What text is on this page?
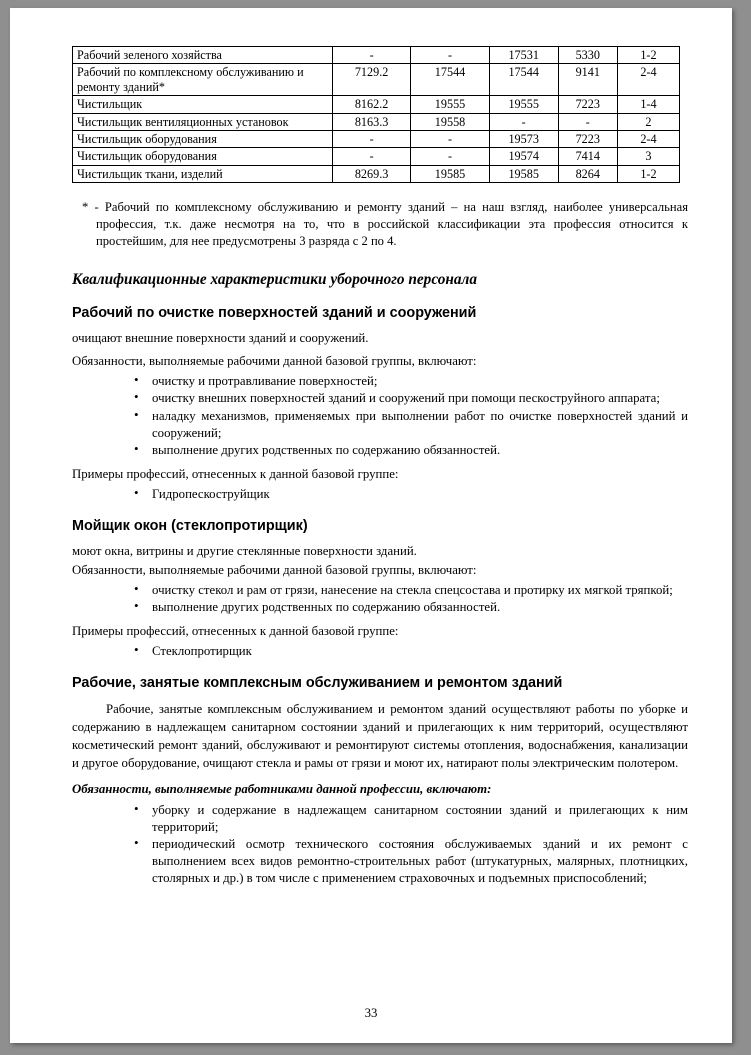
Рабочий зеленого хозяйства	-	-	17531	5330	1-2
Рабочий по комплексному обслуживанию и ремонту зданий*	7129.2	17544	17544	9141	2-4
Чистильщик	8162.2	19555	19555	7223	1-4
Чистильщик вентиляционных установок	8163.3	19558	-	-	2
Чистильщик оборудования	-	-	19573	7223	2-4
Чистильщик оборудования	-	-	19574	7414	3
Чистильщик ткани, изделий	8269.3	19585	19585	8264	1-2

* - Рабочий по комплексному обслуживанию и ремонту зданий – на наш взгляд, наиболее универсальная профессия, т.к. даже несмотря на то, что в российской классификации эта профессия относится к простейшим, для нее предусмотрены 3 разряда с 2 по 4.

Квалификационные характеристики уборочного персонала
Рабочий по очистке поверхностей зданий и сооружений

очищают внешние поверхности зданий и сооружений.

Обязанности, выполняемые рабочими данной базовой группы, включают:

• очистку и протравливание поверхностей;
• очистку внешних поверхностей зданий и сооружений при помощи пескоструйного аппарата;
• наладку механизмов, применяемых при выполнении работ по очистке поверхностей зданий и сооружений;
• выполнение других родственных по содержанию обязанностей.

Примеры профессий, отнесенных к данной базовой группе:

• Гидропескоструйщик
Мойщик окон (стеклопротирщик)

моют окна, витрины и другие стеклянные поверхности зданий.

Обязанности, выполняемые рабочими данной базовой группы, включают:

• очистку стекол и рам от грязи, нанесение на стекла спецсостава и протирку их мягкой тряпкой;
• выполнение других родственных по содержанию обязанностей.

Примеры профессий, отнесенных к данной базовой группе:

• Стеклопротирщик
Рабочие, занятые комплексным обслуживанием и ремонтом зданий

Рабочие, занятые комплексным обслуживанием и ремонтом зданий осуществляют работы по уборке и содержанию в надлежащем санитарном состоянии зданий и прилегающих к ним территорий, осуществляют косметический ремонт зданий, обслуживают и ремонтируют системы отопления, водоснабжения, канализации и другое оборудование, очищают стекла и рамы от грязи и моют их, натирают полы электрическим полотером.

Обязанности, выполняемые работниками данной профессии, включают:

• уборку и содержание в надлежащем санитарном состоянии зданий и прилегающих к ним территорий;
• периодический осмотр технического состояния обслуживаемых зданий и их ремонт с выполнением всех видов ремонтно-строительных работ (штукатурных, малярных, плотницких, столярных и др.) в том числе с применением страховочных и подъемных приспособлений;
33
